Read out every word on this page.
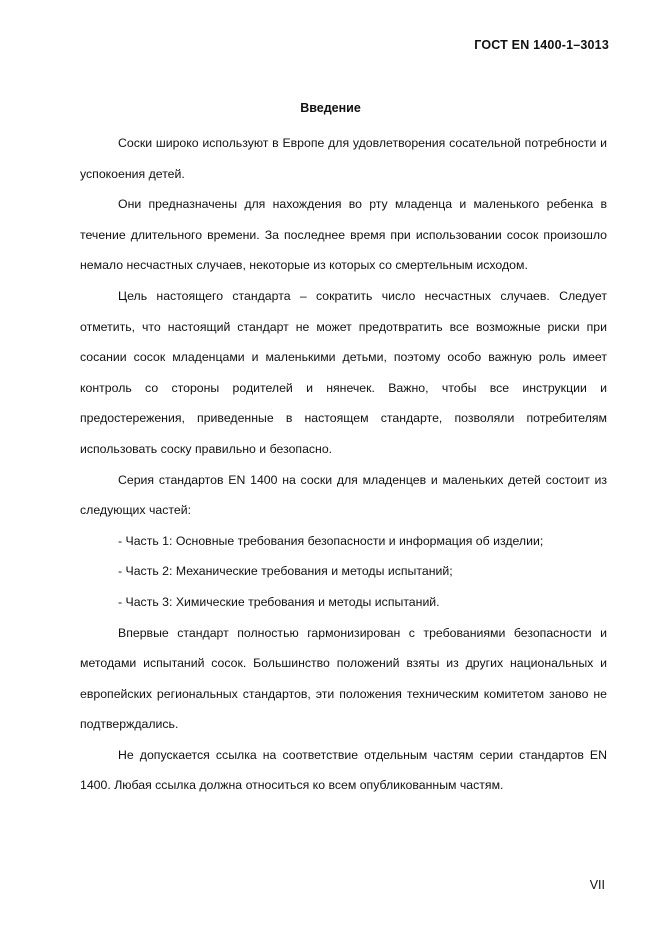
ГОСТ EN 1400-1–3013
Введение

Соски широко используют в Европе для удовлетворения сосательной потребности и успокоения детей.

Они предназначены для нахождения во рту младенца и маленького ребенка в течение длительного времени. За последнее время при использовании сосок произошло немало несчастных случаев, некоторые из которых со смертельным исходом.

Цель настоящего стандарта – сократить число несчастных случаев. Следует отметить, что настоящий стандарт не может предотвратить все возможные риски при сосании сосок младенцами и маленькими детьми, поэтому особо важную роль имеет контроль со стороны родителей и нянечек. Важно, чтобы все инструкции и предостережения, приведенные в настоящем стандарте, позволяли потребителям использовать соску правильно и безопасно.

Серия стандартов EN 1400 на соски для младенцев и маленьких детей состоит из следующих частей:

- Часть 1: Основные требования безопасности и информация об изделии;

- Часть 2: Механические требования и методы испытаний;

- Часть 3: Химические требования и методы испытаний.

Впервые стандарт полностью гармонизирован с требованиями безопасности и методами испытаний сосок. Большинство положений взяты из других национальных и европейских региональных стандартов, эти положения техническим комитетом заново не подтверждались.

Не допускается ссылка на соответствие отдельным частям серии стандартов EN 1400. Любая ссылка должна относиться ко всем опубликованным частям.

VII
